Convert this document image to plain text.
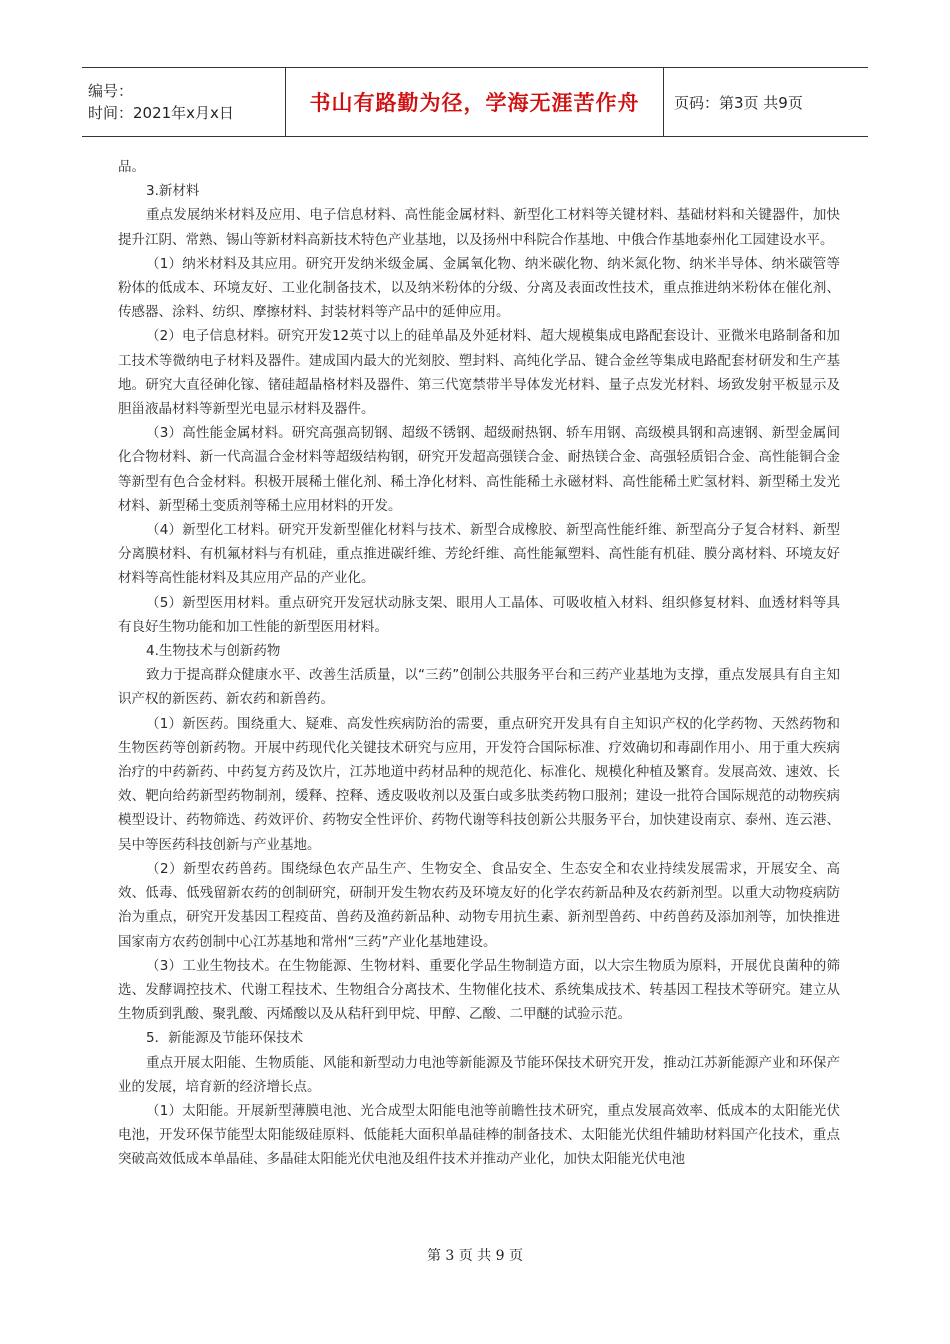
编号：
时间：2021年x月x日	书山有路勤为径，学海无涯苦作舟 页码：第3页 共9页

品。

3.新材料

重点发展纳米材料及应用、电子信息材料、高性能金属材料、新型化工材料等关键材料、基础材料和关键器件，加快提升江阴、常熟、锡山等新材料高新技术特色产业基地，以及扬州中科院合作基地、中俄合作基地泰州化工园建设水平。

（1）纳米材料及其应用。研究开发纳米级金属、金属氧化物、纳米碳化物、纳米氮化物、纳米半导体、纳米碳管等粉体的低成本、环境友好、工业化制备技术，以及纳米粉体的分级、分离及表面改性技术，重点推进纳米粉体在催化剂、传感器、涂料、纺织、摩擦材料、封装材料等产品中的延伸应用。

（2）电子信息材料。研究开发12英寸以上的硅单晶及外延材料、超大规模集成电路配套设计、亚微米电路制备和加工技术等微纳电子材料及器件。建成国内最大的光刻胶、塑封料、高纯化学品、键合金丝等集成电路配套材研发和生产基地。研究大直径砷化镓、锗硅超晶格材料及器件、第三代宽禁带半导体发光材料、量子点发光材料、场致发射平板显示及胆甾液晶材料等新型光电显示材料及器件。

（3）高性能金属材料。研究高强高韧钢、超级不锈钢、超级耐热钢、轿车用钢、高级模具钢和高速钢、新型金属间化合物材料、新一代高温合金材料等超级结构钢，研究开发超高强镁合金、耐热镁合金、高强轻质铝合金、高性能铜合金等新型有色合金材料。积极开展稀土催化剂、稀土净化材料、高性能稀土永磁材料、高性能稀土贮氢材料、新型稀土发光材料、新型稀土变质剂等稀土应用材料的开发。

（4）新型化工材料。研究开发新型催化材料与技术、新型合成橡胶、新型高性能纤维、新型高分子复合材料、新型分离膜材料、有机氟材料与有机硅，重点推进碳纤维、芳纶纤维、高性能氟塑料、高性能有机硅、膜分离材料、环境友好材料等高性能材料及其应用产品的产业化。

（5）新型医用材料。重点研究开发冠状动脉支架、眼用人工晶体、可吸收植入材料、组织修复材料、血透材料等具有良好生物功能和加工性能的新型医用材料。

4.生物技术与创新药物

致力于提高群众健康水平、改善生活质量，以“三药”创制公共服务平台和三药产业基地为支撑，重点发展具有自主知识产权的新医药、新农药和新兽药。

（1）新医药。围绕重大、疑难、高发性疾病防治的需要，重点研究开发具有自主知识产权的化学药物、天然药物和生物医药等创新药物。开展中药现代化关键技术研究与应用，开发符合国际标准、疗效确切和毒副作用小、用于重大疾病治疗的中药新药、中药复方药及饮片，江苏地道中药材品种的规范化、标准化、规模化种植及繁育。发展高效、速效、长效、靶向给药新型药物制剂，缓释、控释、透皮吸收剂以及蛋白或多肽类药物口服剂；建设一批符合国际规范的动物疾病模型设计、药物筛选、药效评价、药物安全性评价、药物代谢等科技创新公共服务平台，加快建设南京、泰州、连云港、吴中等医药科技创新与产业基地。

（2）新型农药兽药。围绕绿色农产品生产、生物安全、食品安全、生态安全和农业持续发展需求，开展安全、高效、低毒、低残留新农药的创制研究，研制开发生物农药及环境友好的化学农药新品种及农药新剂型。以重大动物疫病防治为重点，研究开发基因工程疫苗、兽药及渔药新品种、动物专用抗生素、新剂型兽药、中药兽药及添加剂等，加快推进国家南方农药创制中心江苏基地和常州“三药”产业化基地建设。

（3）工业生物技术。在生物能源、生物材料、重要化学品生物制造方面，以大宗生物质为原料，开展优良菌种的筛选、发酵调控技术、代谢工程技术、生物组合分离技术、生物催化技术、系统集成技术、转基因工程技术等研究。建立从生物质到乳酸、聚乳酸、丙烯酸以及从秸秆到甲烷、甲醇、乙酸、二甲醚的试验示范。

5．新能源及节能环保技术

重点开展太阳能、生物质能、风能和新型动力电池等新能源及节能环保技术研究开发，推动江苏新能源产业和环保产业的发展，培育新的经济增长点。

（1）太阳能。开展新型薄膜电池、光合成型太阳能电池等前瞻性技术研究，重点发展高效率、低成本的太阳能光伏电池，开发环保节能型太阳能级硅原料、低能耗大面积单晶硅棒的制备技术、太阳能光伏组件辅助材料国产化技术，重点突破高效低成本单晶硅、多晶硅太阳能光伏电池及组件技术并推动产业化，加快太阳能光伏电池

第 3 页 共 9 页
